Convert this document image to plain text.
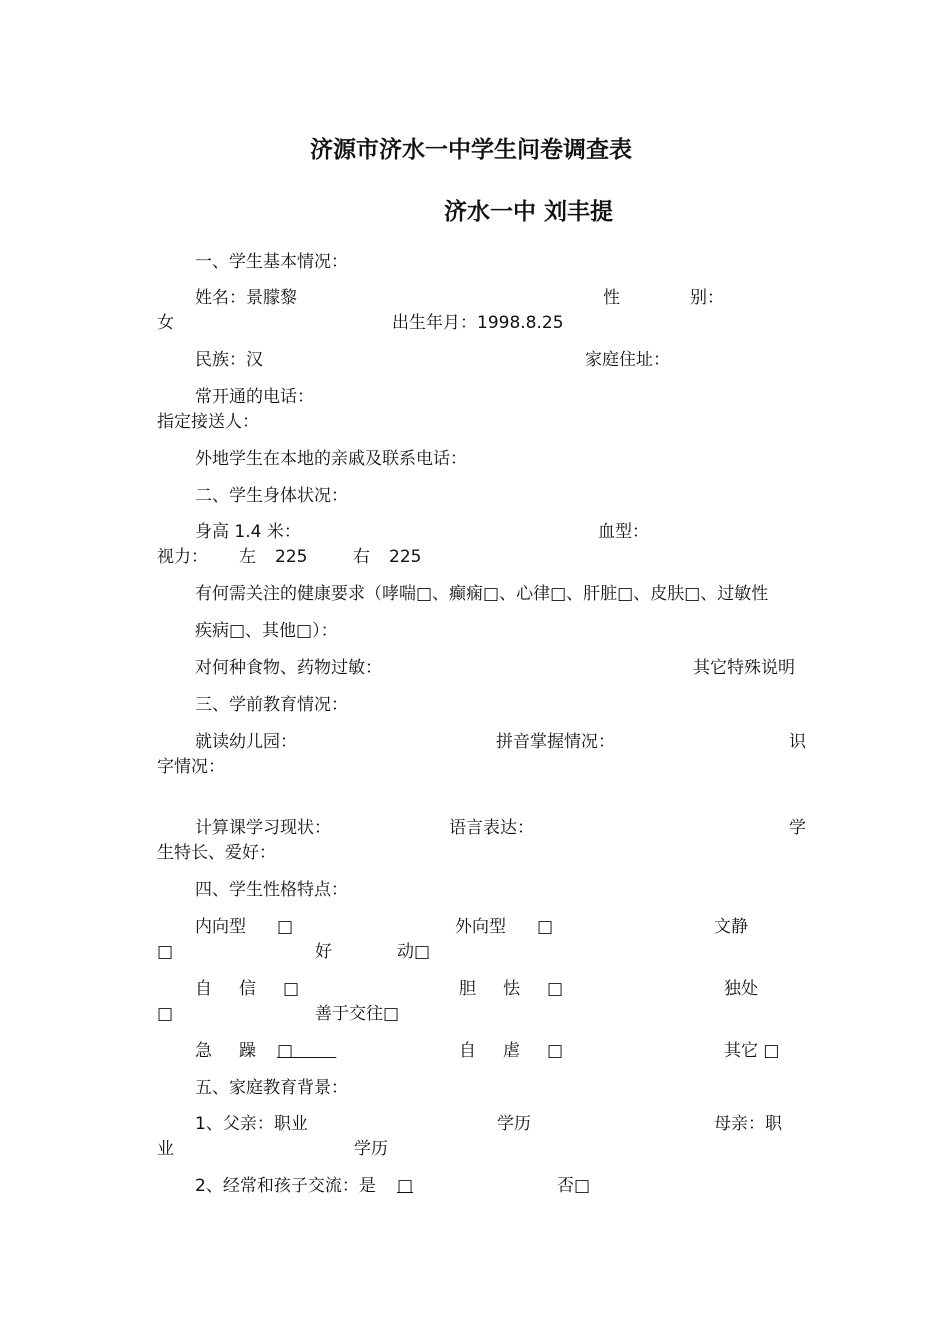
济源市济水一中学生问卷调查表
济水一中 刘丰提
一、学生基本情况：
姓名：景朦黎	性	别：
女	出生年月：1998.8.25
民族：汉	家庭住址：
常开通的电话：
指定接送人：
外地学生在本地的亲戚及联系电话：
二、学生身体状况：
身高 1.4 米：	血型：
视力： 左 225	右 225
有何需关注的健康要求（哮喘□、癫痫□、心律□、肝脏□、皮肤□、过敏性
疾病□、其他□）：
对何种食物、药物过敏：	其它特殊说明
三、学前教育情况：
就读幼儿园：	拼音掌握情况：	识
字情况：
计算课学习现状：	语言表达：	学
生特长、爱好：
四、学生性格特点：
内向型 □	外向型 □	文静
□	好	动□
自 信 □	胆 怯 □	独处
□	善于交往□
急 躁 □	自 虐 □	其它 □
五、家庭教育背景：
1、父亲：职业	学历	母亲：职
业	学历
2、经常和孩子交流：是 □	否□
